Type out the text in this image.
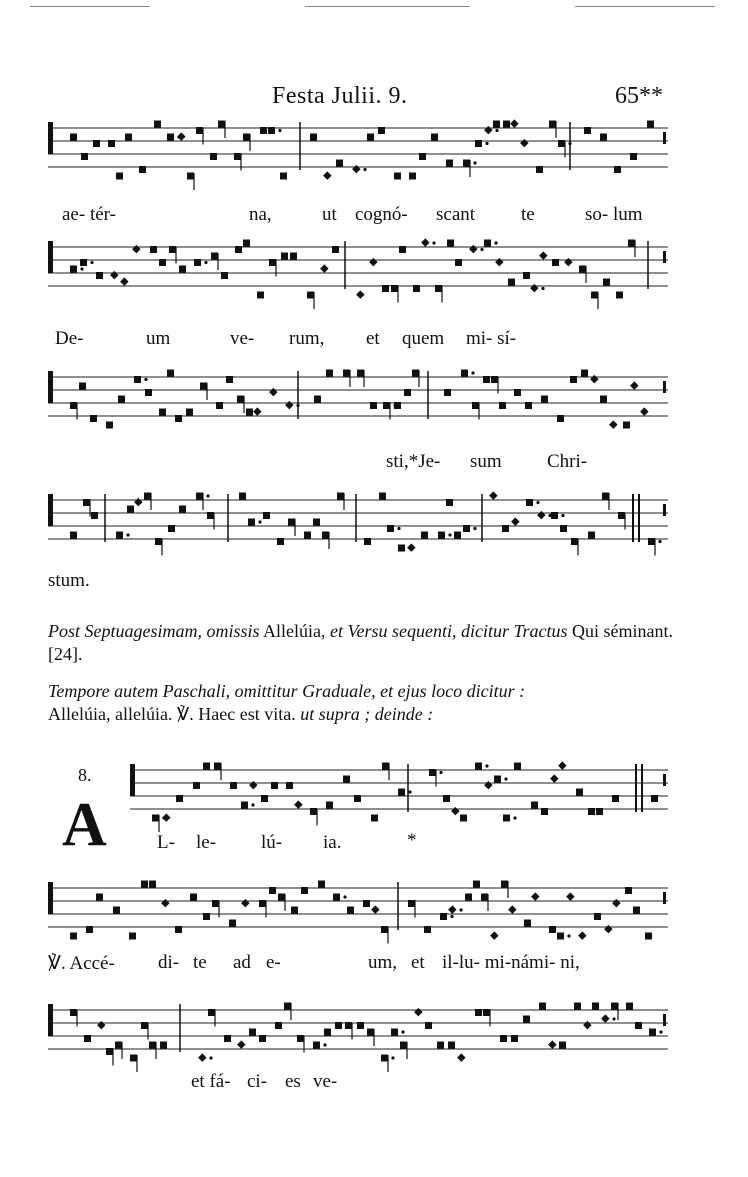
Festa Julii. 9.	65**
ae- tér-	na,	ut cognó- scant te	so- lum
De-	um	ve- rum, et quem mi- sí-
sti,*Je- sum Chri-
stum.
Post Septuagesimam, omissis Allelúia, et Versu sequenti, dicitur Tractus Qui séminant. [24].
Tempore autem Paschali, omittitur Graduale, et ejus loco dicitur :
Allelúia, allelúia. ℣. Haec est vita. ut supra ; deinde :
8.
A	L- le- lú- ia.	*
℣. Accé- di- te ad e-	um, et il-lu- mi-námi- ni,
et fá- ci- es ve-
